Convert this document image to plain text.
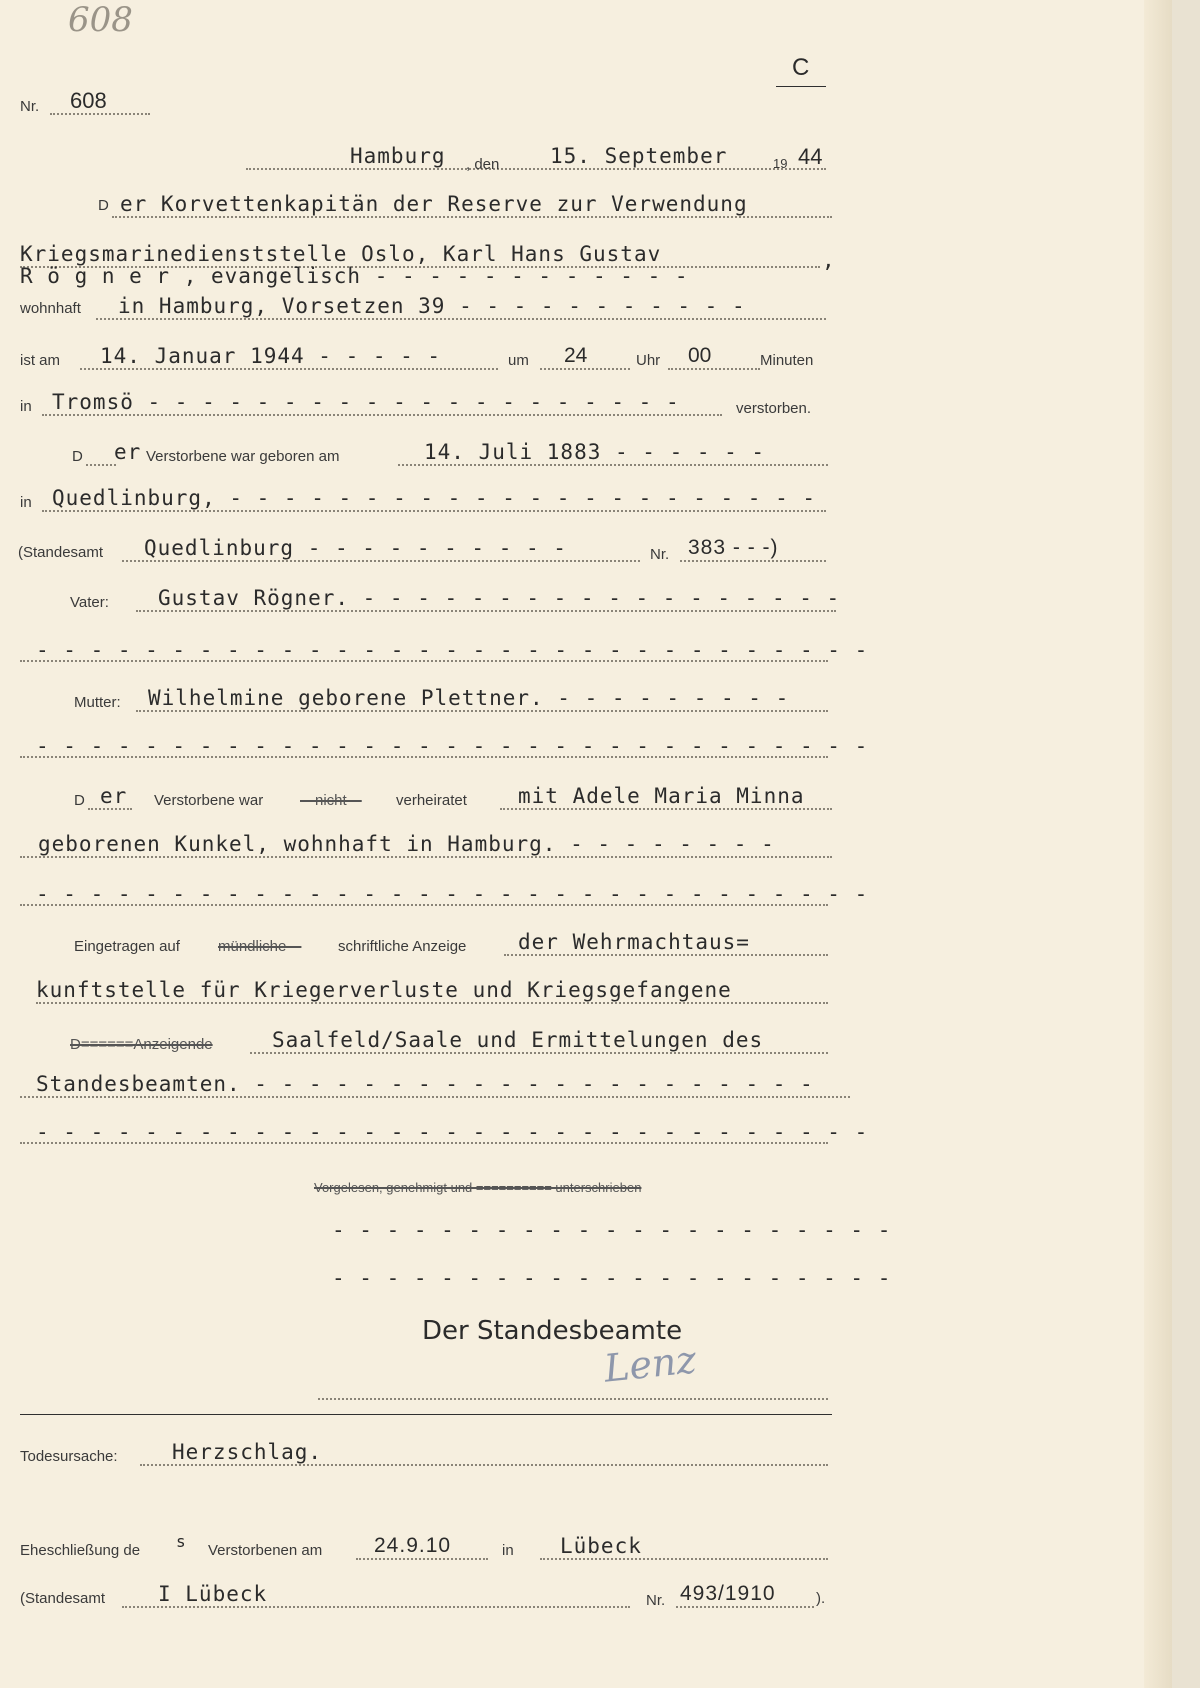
608
C
Nr. 608
Hamburg , den 15. September	19 44
D er Korvettenkapitän der Reserve zur Verwendung
Kriegsmarinedienststelle Oslo, Karl Hans Gustav	,
R ö g n e r , evangelisch - - - - - - - - - - - -
wohnhaft in Hamburg, Vorsetzen 39 - - - - - - - - - - -
ist am 14. Januar 1944 - - - - -	um 24	Uhr 00	Minuten
in Tromsö - - - - - - - - - - - - - - - - - - - -	verstorben.
D er Verstorbene war geboren am	14. Juli 1883 - - - - - -
in Quedlinburg, - - - - - - - - - - - - - - - - - - - - - -
(Standesamt Quedlinburg - - - - - - - - - -	Nr. 383 - - -)
Vater: Gustav Rögner. - - - - - - - - - - - - - - - - - -
- - - - - - - - - - - - - - - - - - - - - - - - - - - - - - -
Mutter: Wilhelmine geborene Plettner. - - - - - - - - -
- - - - - - - - - - - - - - - - - - - - - - - - - - - - - - -
D er Verstorbene war —nicht— verheiratet mit Adele Maria Minna
geborenen Kunkel, wohnhaft in Hamburg. - - - - - - - -
- - - - - - - - - - - - - - - - - - - - - - - - - - - - - - -
Eingetragen auf	mündliche— schriftliche Anzeige der Wehrmachtaus=
kunftstelle für Kriegerverluste und Kriegsgefangene
D======Anzeigende	Saalfeld/Saale und Ermittelungen des
Standesbeamten. - - - - - - - - - - - - - - - - - - - - -
- - - - - - - - - - - - - - - - - - - - - - - - - - - - - - -
Vorgelesen, genehmigt und ========== unterschrieben
- - - - - - - - - - - - - - - - - - - - -
- - - - - - - - - - - - - - - - - - - - -
Der Standesbeamte
Lenz
Todesursache:	Herzschlag.
Eheschließung de s Verstorbenen am 24.9.10	in Lübeck
(Standesamt	I Lübeck	Nr. 493/1910	).
